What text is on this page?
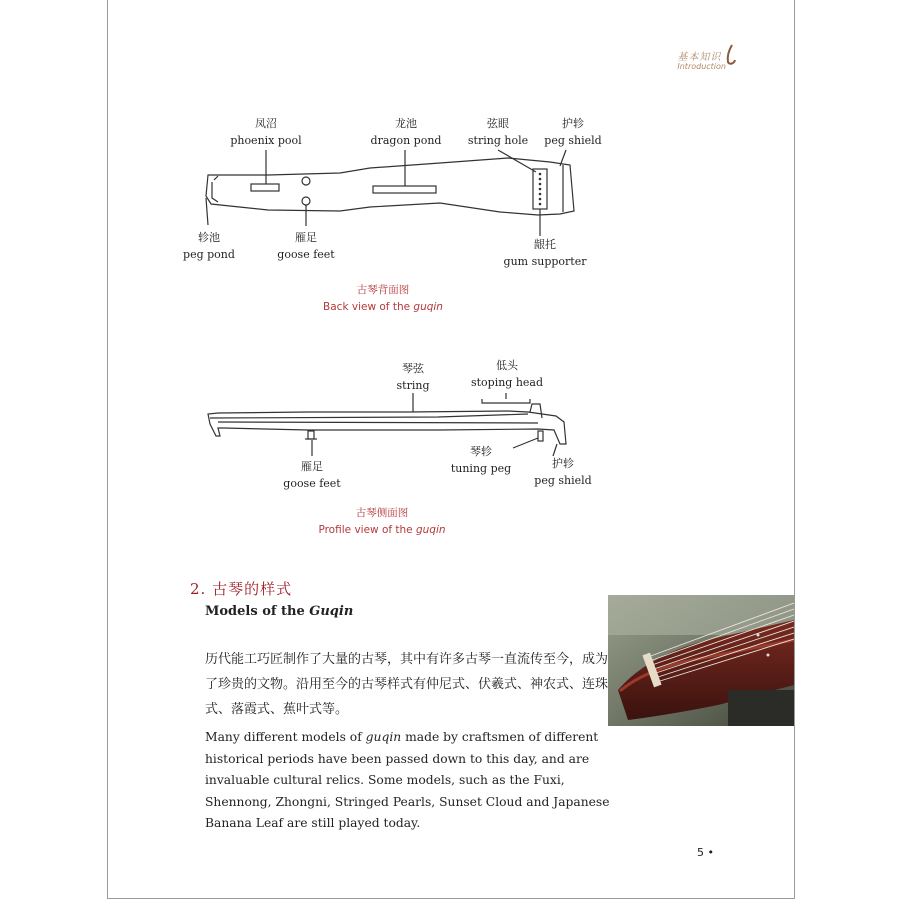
基本知识
Introduction
凤沼
phoenix pool
龙池
dragon pond
弦眼
string hole
护轸
peg shield
轸池
peg pond
雁足
goose feet
龈托
gum supporter
古琴背面图
Back view of the guqin
琴弦
string
低头
stoping head
雁足
goose feet
琴轸
tuning peg	护轸
peg shield
古琴侧面图
Profile view of the guqin
2. 古琴的样式
Models of the Guqin
历代能工巧匠制作了大量的古琴，其中有许多古琴一直流传至今，成为了珍贵的文物。沿用至今的古琴样式有仲尼式、伏羲式、神农式、连珠式、落霞式、蕉叶式等。
Many different models of guqin made by craftsmen of different historical periods have been passed down to this day, and are invaluable cultural relics. Some models, such as the Fuxi, Shennong, Zhongni, Stringed Pearls, Sunset Cloud and Japanese Banana Leaf are still played today.
5 •
